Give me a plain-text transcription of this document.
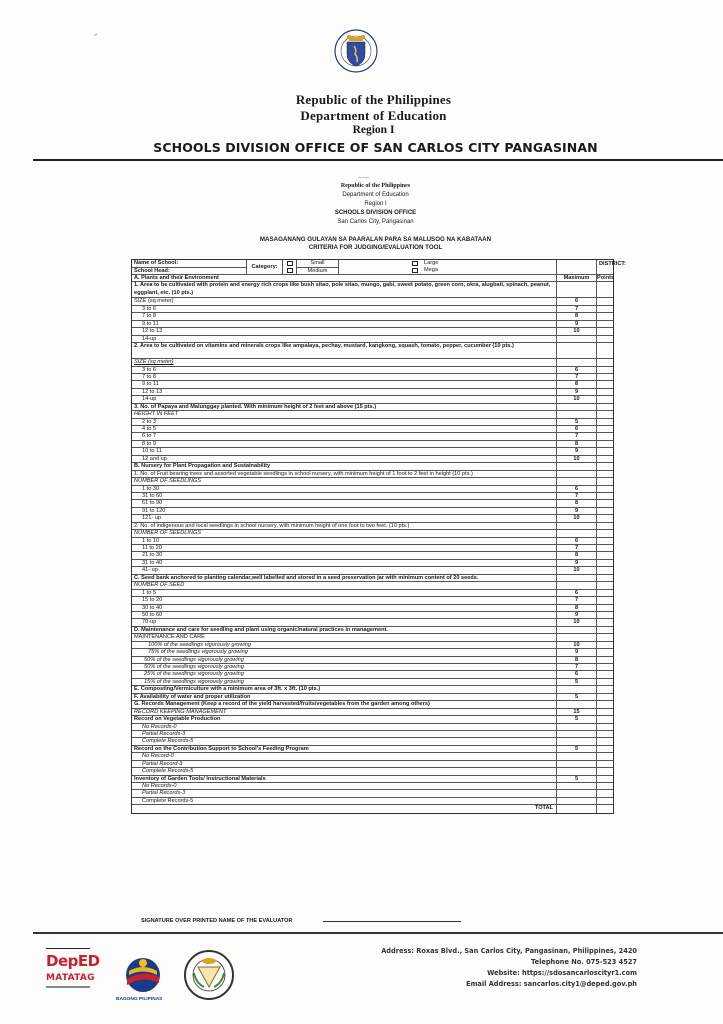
~
Republic of the Philippines
Department of Education
Region I
SCHOOLS DIVISION OFFICE OF SAN CARLOS CITY PANGASINAN
∼–∼
Republic of the Philippines
Department of Education
Region I
SCHOOLS DIVISION OFFICE
San Carlos City, Pangasinan
MASAGANANG GULAYAN SA PAARALAN PARA SA MALUSOG NA KABATAAN
CRITERIA FOR JUDGING/EVALUATION TOOL
Name of School:
School Head:
Category:
Small
Medium
Large
Mega
DISTRICT:
A. Plants and their Environment	Maximum	Points
1. Area to be cultivated with protein and energy rich crops like bush sitao, pole sitao, mungo, gabi, sweet potato, green corn, okra, alugbati, spinach, peanut, eggplant, etc. (10 pts.)
SIZE (sq.meter)	6
3 to 6	7
7 to 8	8
9 to 11	9
12 to 13	10
14-up
2. Area to be cultivated on vitamins and minerals crops like ampalaya, pechay, mustard, kangkong, squash, tomato, pepper, cucumber (10 pts.)
SIZE (sq meter)
3 to 6	6
7 to 8	7
9 to 11	8
12 to 13	9
14-up	10
3. No. of Papaya and Malunggay planted. With minimum height of 2 feet and above (15 pts.)
HEIGHT IN FEET
2 to 3	5
4 to 5	6
6 to 7	7
8 to 9	8
10 to 11	9
12 and up	10
B. Nursery for Plant Propagation and Sustainability
1. No. of Fruit bearing trees and assorted vegetable seedlings in school nursery, with minimum height of 1 foot to 2 feet in height (10 pts.)
NUMBER OF SEEDLINGS
1 to 30	6
31 to 60	7
61 to 90	8
91 to 120	9
121- up	10
2. No. of indigenous and local seedlings in school nursery, with minimum height of one foot to two feet. (10 pts.)
NUMBER OF SEEDLINGS
1 to 10	6
11 to 20	7
21 to 30	8
31 to 40	9
41- up	10
C. Seed bank anchored to planting calendar,well labelled and stored in a seed preservation jar with minimum content of 20 seeds.
NUMBER OF SEED
1 to 5	6
15 to 20	7
30 to 40	8
50 to 60	9
70-up	10
D. Maintenance and care for seedling and plant using organic/natural practices in management.
MAINTENANCE AND CARE
100% of the seedlings vigorously growing	10
75% of the seedlings vigorously growing	9
50% of the seedlings vigorously growing	8
50% of the seedlings vigorously growing	7
25% of the seedlings vigorously growing	6
15% of the seedlings vigorously growing	5
E. Composting/Vermiculture with a minimum area of 3ft. x 3ft. (10 pts.)
F. Availability of water and proper utilization	5
G. Records Management (Keep a record of the yield harvested/fruits/vegetables from the garden among others)
RECORD KEEPING MANAGEMENT	15
Record on Vegetable Production	5
No Records-0
Partial Records-3
Complete Records-5
Record on the Contribution Support to School's Feeding Program	5
No Record-0
Partial Record-3
Complete Records-5
Inventory of Garden Tools/ Instructional Materials	5
No Records-0
Partial Records-3
Complete Records-5
TOTAL
SIGNATURE OVER PRINTED NAME OF THE EVALUATOR
DepED
MATATAG
BAGONG PILIPINAS
Address: Roxas Blvd., San Carlos City, Pangasinan, Philippines, 2420
Telephone No. 075-523 4527
Website: https://sdosancarloscityr1.com
Email Address: sancarlos.city1@deped.gov.ph
